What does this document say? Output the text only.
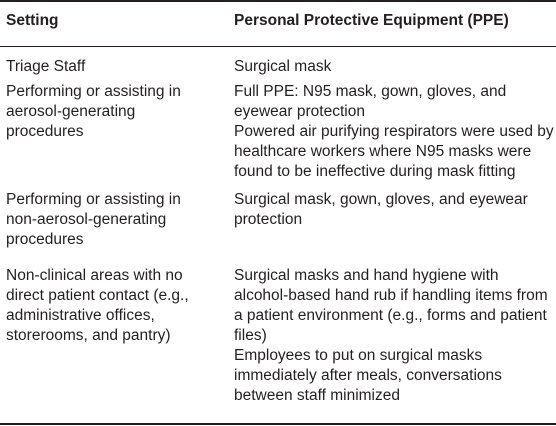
Setting	Personal Protective Equipment (PPE)
Triage Staff	Surgical mask
Performing or assisting in
aerosol-generating
procedures
Full PPE: N95 mask, gown, gloves, and
eyewear protection
Powered air purifying respirators were used by
healthcare workers where N95 masks were
found to be ineffective during mask fitting
Performing or assisting in
non-aerosol-generating
procedures
Surgical mask, gown, gloves, and eyewear
protection
Non-clinical areas with no
direct patient contact (e.g.,
administrative offices,
storerooms, and pantry)
Surgical masks and hand hygiene with
alcohol-based hand rub if handling items from
a patient environment (e.g., forms and patient
files)
Employees to put on surgical masks
immediately after meals, conversations
between staff minimized
